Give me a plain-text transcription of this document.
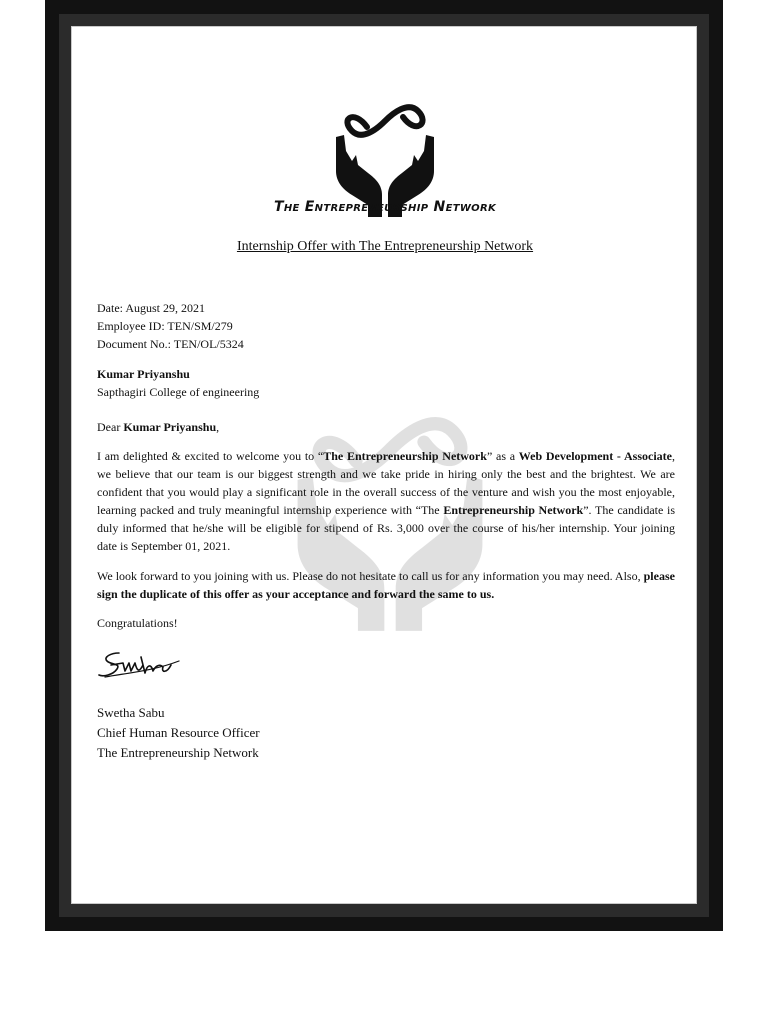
The Entrepreneurship Network
Internship Offer with The Entrepreneurship Network
Date: August 29, 2021
Employee ID: TEN/SM/279
Document No.: TEN/OL/5324
Kumar Priyanshu
Sapthagiri College of engineering
Dear Kumar Priyanshu,
I am delighted & excited to welcome you to “The Entrepreneurship Network” as a Web Development - Associate, we believe that our team is our biggest strength and we take pride in hiring only the best and the brightest. We are confident that you would play a significant role in the overall success of the venture and wish you the most enjoyable, learning packed and truly meaningful internship experience with “The Entrepreneurship Network”. The candidate is duly informed that he/she will be eligible for stipend of Rs. 3,000 over the course of his/her internship. Your joining date is September 01, 2021.
We look forward to you joining with us. Please do not hesitate to call us for any information you may need. Also, please sign the duplicate of this offer as your acceptance and forward the same to us.
Congratulations!
Swetha Sabu
Chief Human Resource Officer
The Entrepreneurship Network
